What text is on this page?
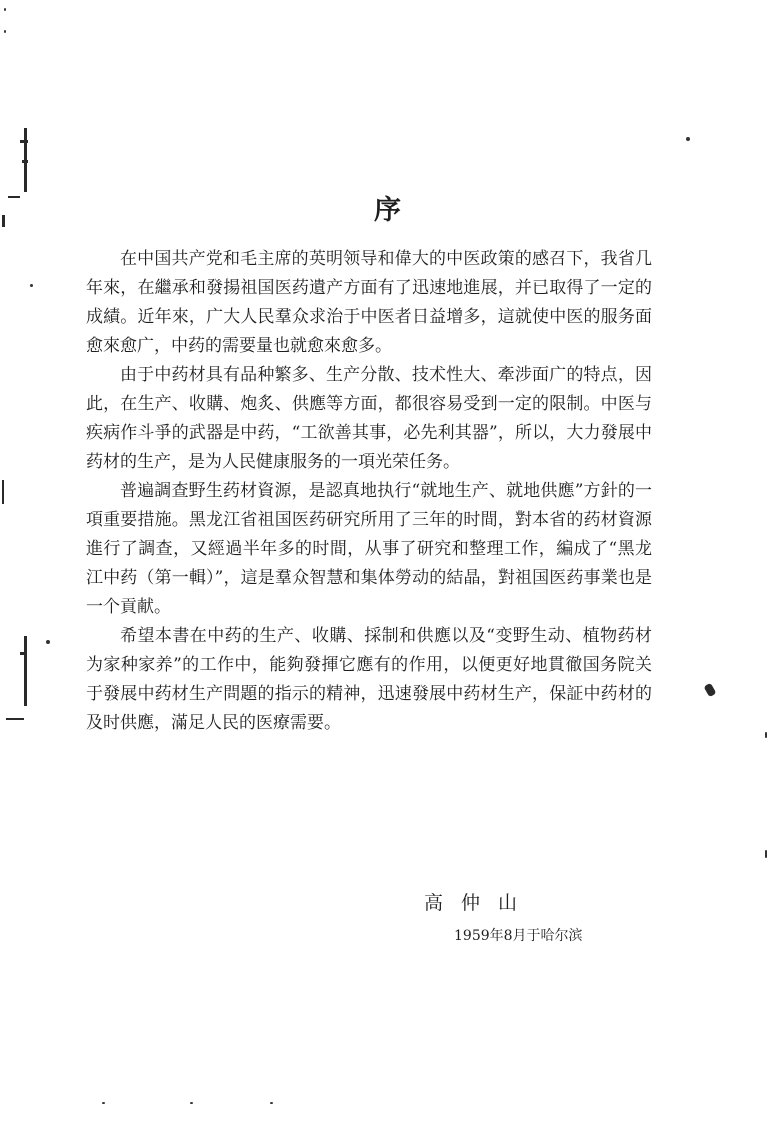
序

在中国共产党和毛主席的英明领导和偉大的中医政策的感召下，我省几年來，在繼承和發揚祖国医药遺产方面有了迅速地進展，并已取得了一定的成績。近年來，广大人民羣众求治于中医者日益增多，這就使中医的服务面愈來愈广，中药的需要量也就愈來愈多。

由于中药材具有品种繁多、生产分散、技术性大、牽涉面广的特点，因此，在生产、收購、炮炙、供應等方面，都很容易受到一定的限制。中医与疾病作斗爭的武器是中药，“工欲善其事，必先利其器”，所以，大力發展中药材的生产，是为人民健康服务的一項光荣任务。

普遍調查野生药材資源，是認真地执行“就地生产、就地供應”方針的一項重要措施。黑龙江省祖国医药研究所用了三年的时間，對本省的药材資源進行了調查，又經過半年多的时間，从事了研究和整理工作，編成了“黑龙江中药（第一輯）”，這是羣众智慧和集体勞动的結晶，對祖国医药事業也是一个貢献。

希望本書在中药的生产、收購、採制和供應以及“变野生动、植物药材为家种家养”的工作中，能夠發揮它應有的作用，以便更好地貫徹国务院关于發展中药材生产問題的指示的精神，迅速發展中药材生产，保証中药材的及时供應，滿足人民的医療需要。

高仲山
1959年8月于哈尔滨
